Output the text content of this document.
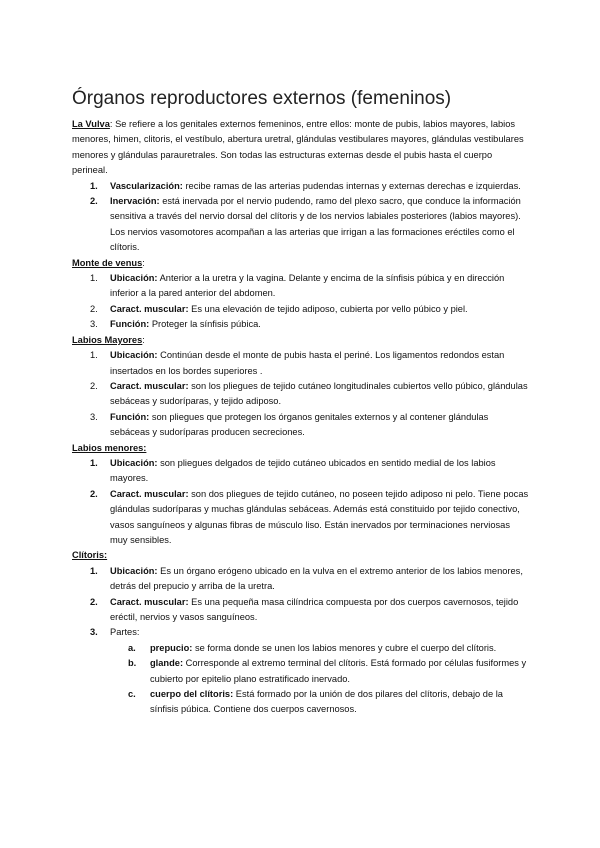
Órganos reproductores externos (femeninos)

La Vulva: Se refiere a los genitales externos femeninos, entre ellos: monte de pubis, labios mayores, labios menores, himen, clitoris, el vestíbulo, abertura uretral, glándulas vestibulares mayores, glándulas vestibulares menores y glándulas parauretrales. Son todas las estructuras externas desde el pubis hasta el cuerpo perineal.

1. Vascularización: recibe ramas de las arterias pudendas internas y externas derechas e izquierdas.
2. Inervación: está inervada por el nervio pudendo, ramo del plexo sacro, que conduce la información sensitiva a través del nervio dorsal del clítoris y de los nervios labiales posteriores (labios mayores). Los nervios vasomotores acompañan a las arterias que irrigan a las formaciones eréctiles como el clítoris.

Monte de venus:

1. Ubicación: Anterior a la uretra y la vagina. Delante y encima de la sínfisis púbica y en dirección inferior a la pared anterior del abdomen.
2. Caract. muscular: Es una elevación de tejido adiposo, cubierta por vello púbico y piel.
3. Función: Proteger la sínfisis púbica.

Labios Mayores:

1. Ubicación: Continúan desde el monte de pubis hasta el periné. Los ligamentos redondos estan insertados en los bordes superiores .
2. Caract. muscular: son los pliegues de tejido cutáneo longitudinales cubiertos vello púbico, glándulas sebáceas y sudoríparas, y tejido adiposo.
3. Función: son pliegues que protegen los órganos genitales externos y al contener glándulas sebáceas y sudoríparas producen secreciones.

Labios menores:

1. Ubicación: son pliegues delgados de tejido cutáneo ubicados en sentido medial de los labios mayores.
2. Caract. muscular: son dos pliegues de tejido cutáneo, no poseen tejido adiposo ni pelo. Tiene pocas glándulas sudoríparas y muchas glándulas sebáceas. Además está constituido por tejido conectivo, vasos sanguíneos y algunas fibras de músculo liso. Están inervados por terminaciones nerviosas muy sensibles.

Clítoris:

1. Ubicación: Es un órgano erógeno ubicado en la vulva en el extremo anterior de los labios menores, detrás del prepucio y arriba de la uretra.
2. Caract. muscular: Es una pequeña masa cilíndrica compuesta por dos cuerpos cavernosos, tejido eréctil, nervios y vasos sanguíneos.
3. Partes:
a. prepucio: se forma donde se unen los labios menores y cubre el cuerpo del clítoris.
b. glande: Corresponde al extremo terminal del clítoris. Está formado por células fusiformes y cubierto por epitelio plano estratificado inervado.
c. cuerpo del clítoris: Está formado por la unión de dos pilares del clítoris, debajo de la sínfisis púbica. Contiene dos cuerpos cavernosos.
